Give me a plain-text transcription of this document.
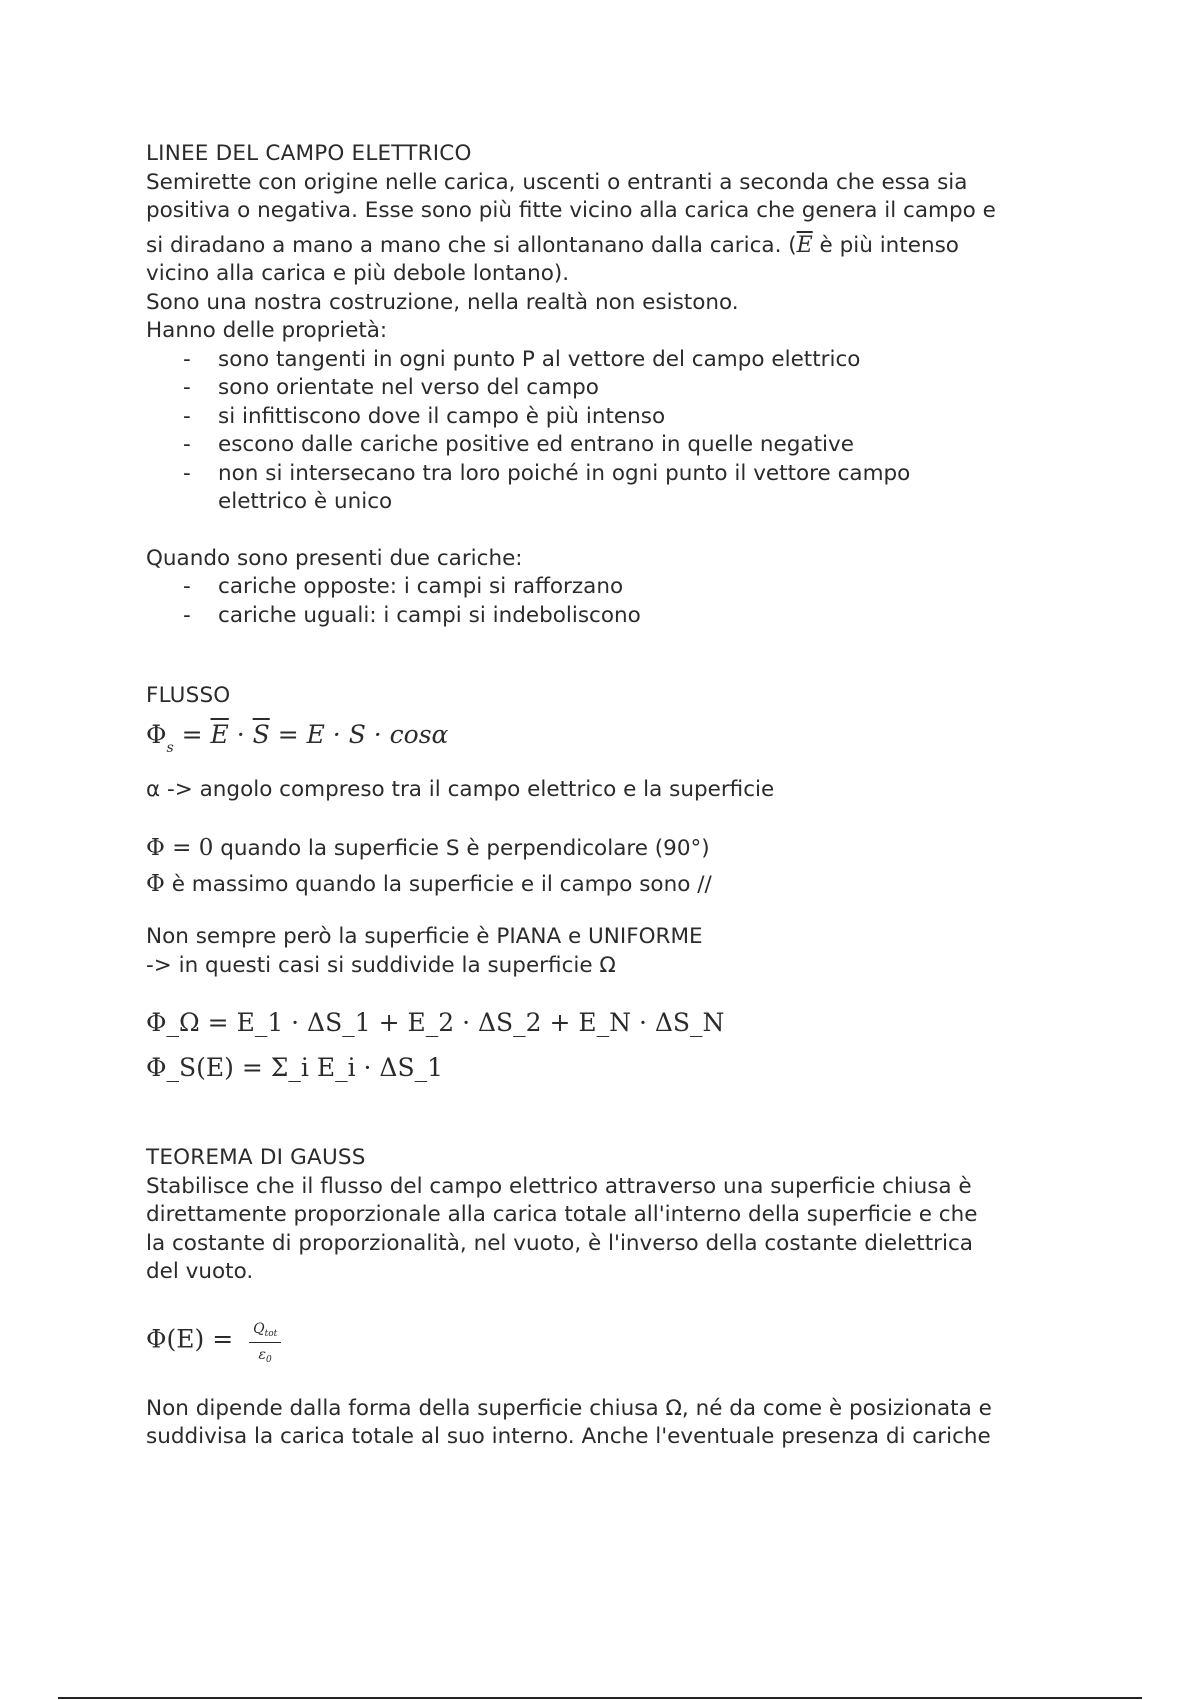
LINEE DEL CAMPO ELETTRICO

Semirette con origine nelle carica, uscenti o entranti a seconda che essa sia

positiva o negativa. Esse sono più fitte vicino alla carica che genera il campo e

si diradano a mano a mano che si allontanano dalla carica. ($\overline{E}$ è più intenso

vicino alla carica e più debole lontano).

Sono una nostra costruzione, nella realtà non esistono.

Hanno delle proprietà:

- sono tangenti in ogni punto P al vettore del campo elettrico
- sono orientate nel verso del campo
- si infittiscono dove il campo è più intenso
- escono dalle cariche positive ed entrano in quelle negative
- non si intersecano tra loro poiché in ogni punto il vettore campo

elettrico è unico

Quando sono presenti due cariche:

- cariche opposte: i campi si rafforzano
- cariche uguali: i campi si indeboliscono

FLUSSO

$\Phi_s = \overline{E} \cdot \overline{S} = E \cdot S \cdot \cos\alpha$

α -> angolo compreso tra il campo elettrico e la superficie

Φ = 0 quando la superficie S è perpendicolare (90°)

Φ è massimo quando la superficie e il campo sono //

Non sempre però la superficie è PIANA e UNIFORME

-> in questi casi si suddivide la superficie Ω

Φ_Ω = E_1 · ΔS_1 + E_2 · ΔS_2 + E_N · ΔS_N

Φ_S(E) = Σ_i E_i · ΔS_1

TEOREMA DI GAUSS

Stabilisce che il flusso del campo elettrico attraverso una superficie chiusa è

direttamente proporzionale alla carica totale all'interno della superficie e che

la costante di proporzionalità, nel vuoto, è l'inverso della costante dielettrica

del vuoto.

$\Phi(E) = \frac{Q_{tot}}{\varepsilon_0}$

Non dipende dalla forma della superficie chiusa Ω, né da come è posizionata e

suddivisa la carica totale al suo interno. Anche l'eventuale presenza di cariche
